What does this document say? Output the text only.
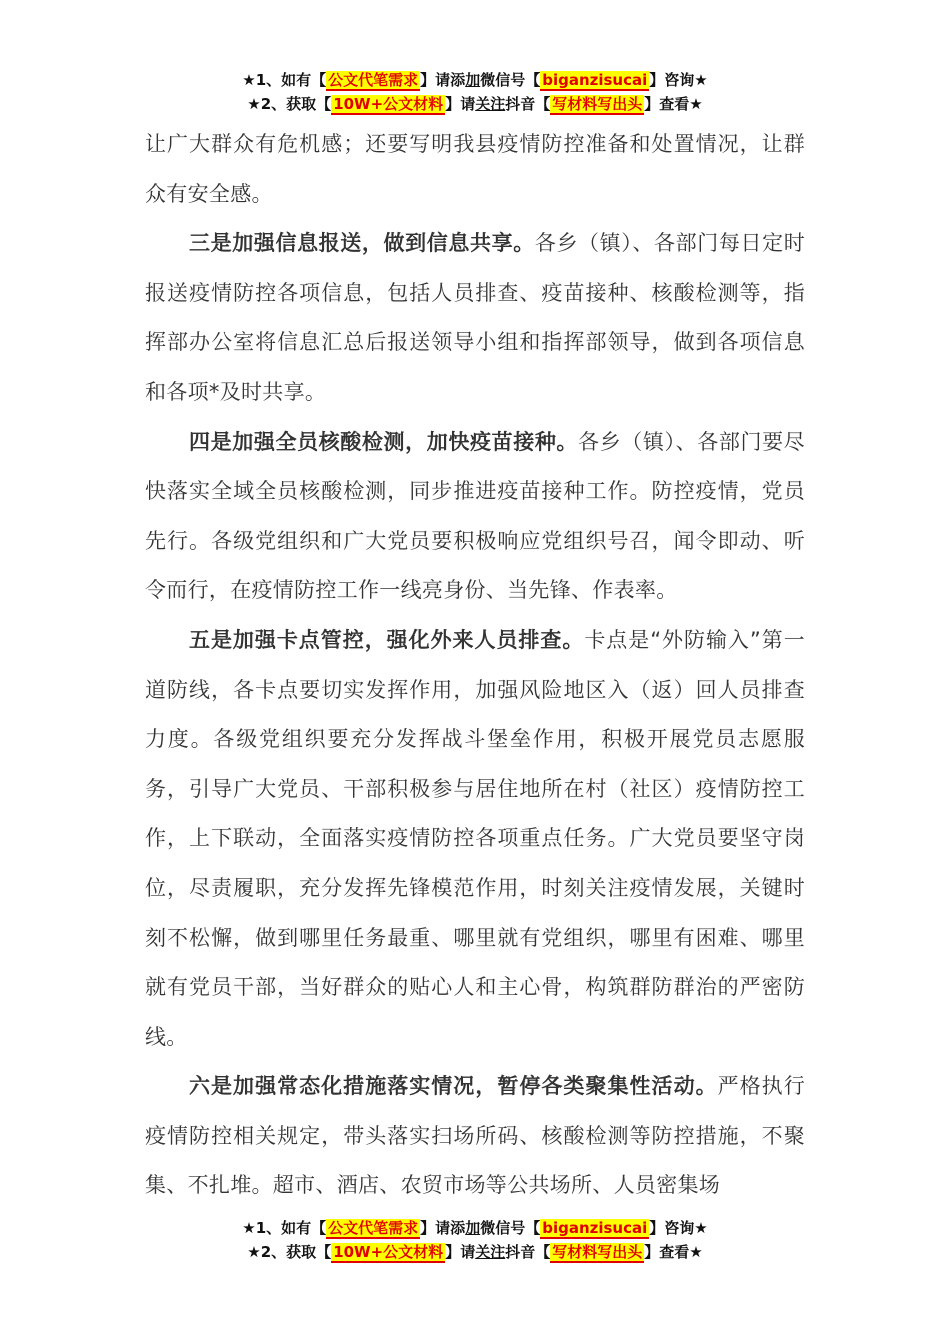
★1、如有【 公文代笔需求 】请添加微信号【 biganzisucai 】咨询★
★2、获取【 10W+公文材料 】请关注抖音【 写材料写出头 】查看★

让广大群众有危机感；还要写明我县疫情防控准备和处置情况，让群众有安全感。

三是加强信息报送，做到信息共享。各乡（镇）、各部门每日定时报送疫情防控各项信息，包括人员排查、疫苗接种、核酸检测等，指挥部办公室将信息汇总后报送领导小组和指挥部领导，做到各项信息和各项*及时共享。

四是加强全员核酸检测，加快疫苗接种。各乡（镇）、各部门要尽快落实全域全员核酸检测，同步推进疫苗接种工作。防控疫情，党员先行。各级党组织和广大党员要积极响应党组织号召，闻令即动、听令而行，在疫情防控工作一线亮身份、当先锋、作表率。

五是加强卡点管控，强化外来人员排查。卡点是“外防输入”第一道防线，各卡点要切实发挥作用，加强风险地区入（返）回人员排查力度。各级党组织要充分发挥战斗堡垒作用，积极开展党员志愿服务，引导广大党员、干部积极参与居住地所在村（社区）疫情防控工作，上下联动，全面落实疫情防控各项重点任务。广大党员要坚守岗位，尽责履职，充分发挥先锋模范作用，时刻关注疫情发展，关键时刻不松懈，做到哪里任务最重、哪里就有党组织，哪里有困难、哪里就有党员干部，当好群众的贴心人和主心骨，构筑群防群治的严密防线。

六是加强常态化措施落实情况，暂停各类聚集性活动。严格执行疫情防控相关规定，带头落实扫场所码、核酸检测等防控措施，不聚集、不扎堆。超市、酒店、农贸市场等公共场所、人员密集场

★1、如有【 公文代笔需求 】请添加微信号【 biganzisucai 】咨询★
★2、获取【 10W+公文材料 】请关注抖音【 写材料写出头 】查看★
